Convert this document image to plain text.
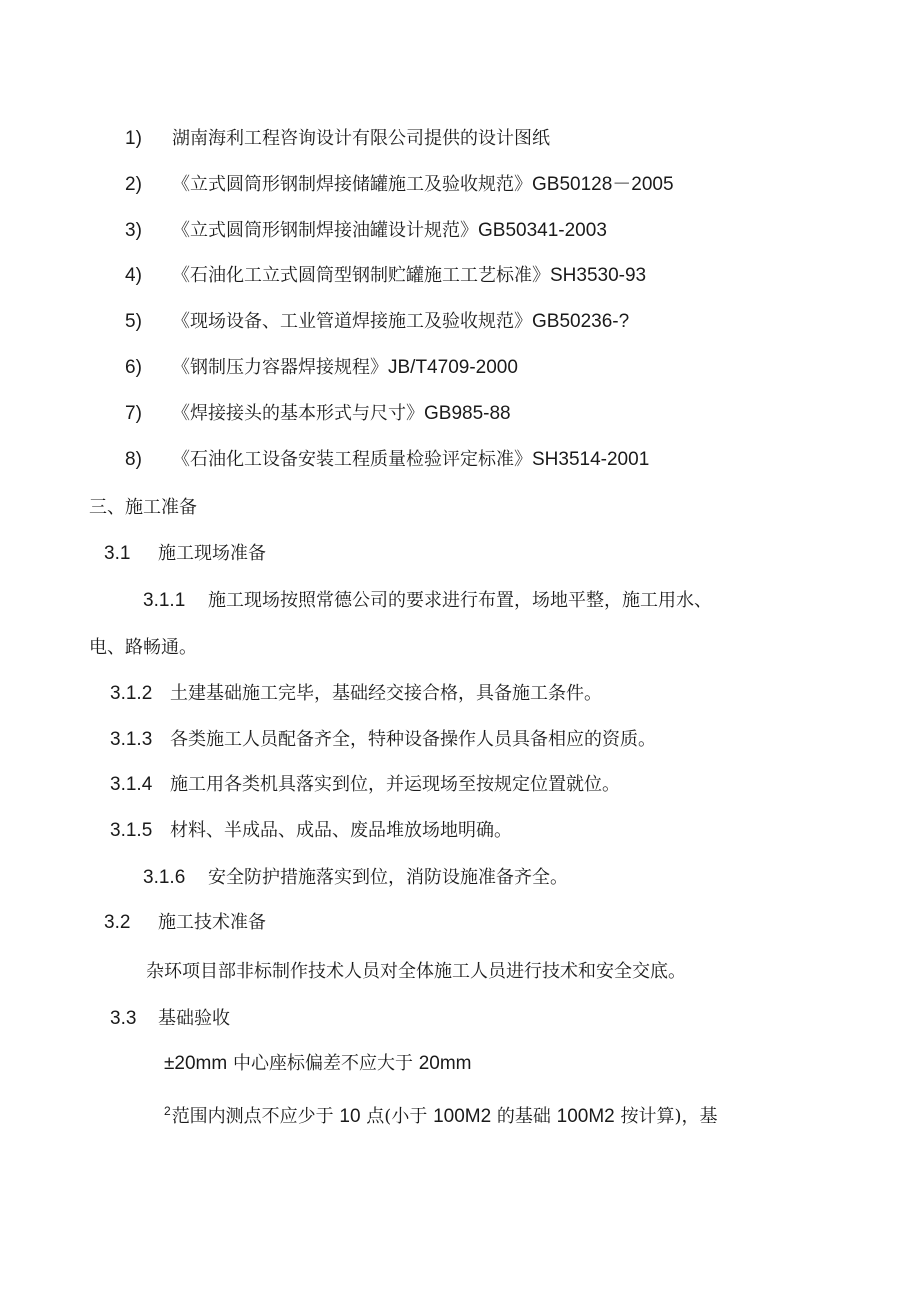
1) 湖南海利工程咨询设计有限公司提供的设计图纸
2) 《立式圆筒形钢制焊接储罐施工及验收规范》GB50128－2005
3) 《立式圆筒形钢制焊接油罐设计规范》GB50341-2003
4) 《石油化工立式圆筒型钢制贮罐施工工艺标准》SH3530-93
5) 《现场设备、工业管道焊接施工及验收规范》GB50236-?
6) 《钢制压力容器焊接规程》JB/T4709-2000
7) 《焊接接头的基本形式与尺寸》GB985-88
8) 《石油化工设备安装工程质量检验评定标准》SH3514-2001
三、施工准备
3.1 施工现场准备
3.1.1 施工现场按照常德公司的要求进行布置，场地平整，施工用水、
电、路畅通。
3.1.2 土建基础施工完毕，基础经交接合格，具备施工条件。
3.1.3 各类施工人员配备齐全，特种设备操作人员具备相应的资质。
3.1.4 施工用各类机具落实到位，并运现场至按规定位置就位。
3.1.5 材料、半成品、成品、废品堆放场地明确。
3.1.6 安全防护措施落实到位，消防设施准备齐全。
3.2 施工技术准备
杂环项目部非标制作技术人员对全体施工人员进行技术和安全交底。
3.3 基础验收
±20mm 中心座标偏差不应大于 20mm
$^2$范围内测点不应少于 10 点(小于 100M2 的基础 100M2 按计算)，基
